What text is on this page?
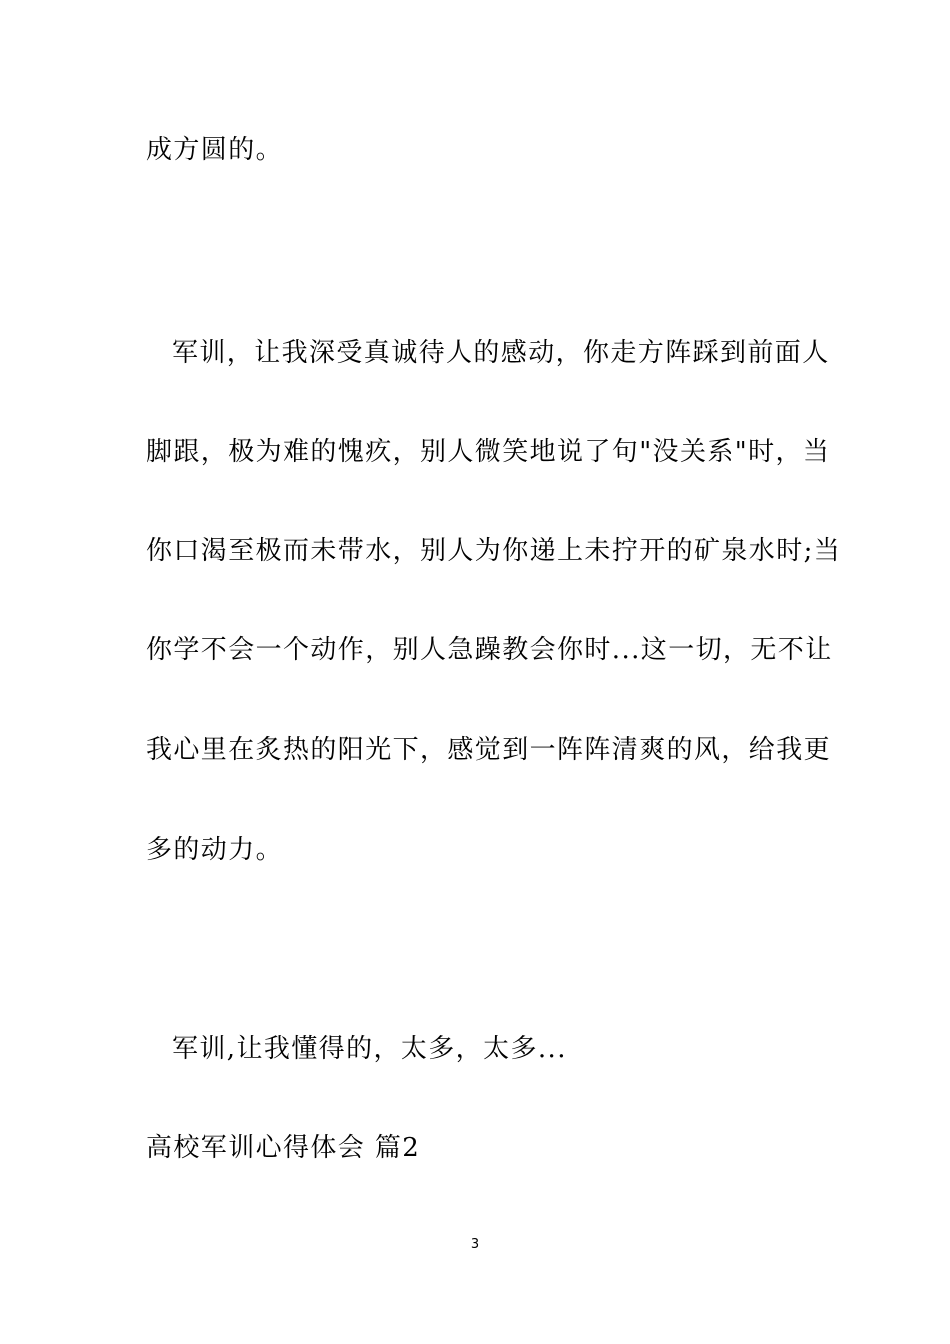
成方圆的。
军训，让我深受真诚待人的感动，你走方阵踩到前面人
脚跟，极为难的愧疚，别人微笑地说了句"没关系"时，当
你口渴至极而未带水，别人为你递上未拧开的矿泉水时;当
你学不会一个动作，别人急躁教会你时...这一切，无不让
我心里在炙热的阳光下，感觉到一阵阵清爽的风，给我更
多的动力。
军训,让我懂得的，太多，太多...
高校军训心得体会 篇2
3
